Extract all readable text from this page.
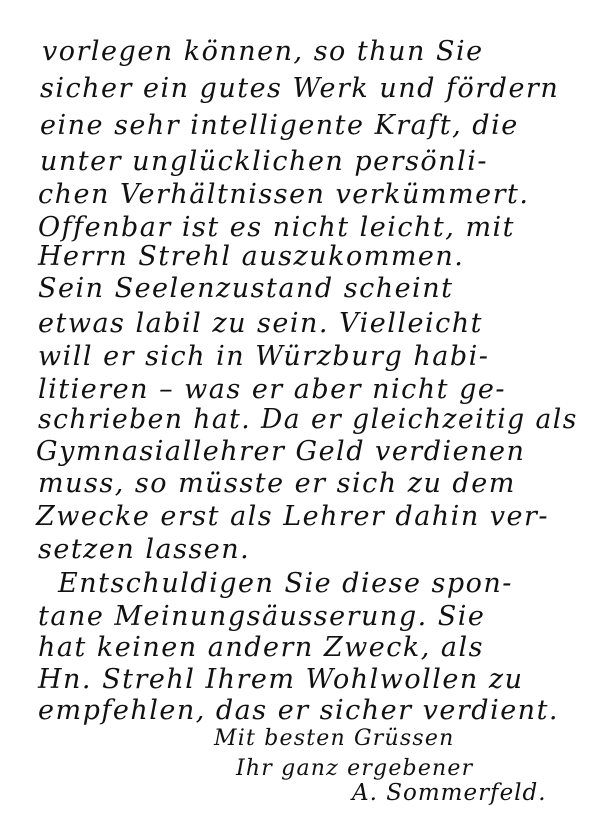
vorlegen können, so thun Sie
sicher ein gutes Werk und fördern
eine sehr intelligente Kraft, die
unter unglücklichen persönli-
chen Verhältnissen verkümmert.
Offenbar ist es nicht leicht, mit
Herrn Strehl auszukommen.
Sein Seelenzustand scheint
etwas labil zu sein. Vielleicht
will er sich in Würzburg habi-
litieren – was er aber nicht ge-
schrieben hat. Da er gleichzeitig als
Gymnasiallehrer Geld verdienen
muss, so müsste er sich zu dem
Zwecke erst als Lehrer dahin ver-
setzen lassen.
Entschuldigen Sie diese spon-
tane Meinungsäusserung. Sie
hat keinen andern Zweck, als
Hn. Strehl Ihrem Wohlwollen zu
empfehlen, das er sicher verdient.
Mit besten Grüssen
Ihr ganz ergebener
A. Sommerfeld.
